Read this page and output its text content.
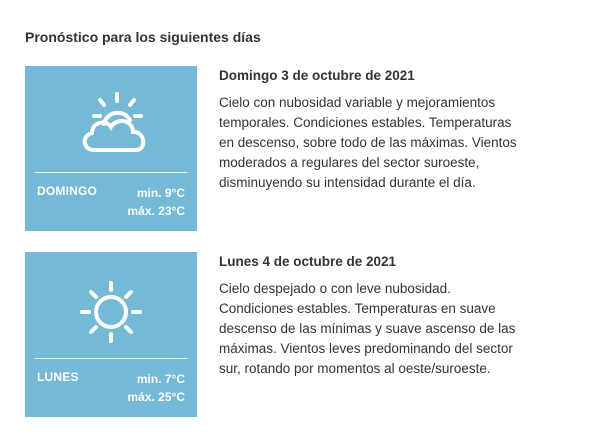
Pronóstico para los siguientes días
DOMINGO	min. 9°C
máx. 23°C
Domingo 3 de octubre de 2021
Cielo con nubosidad variable y mejoramientos temporales. Condiciones estables. Temperaturas en descenso, sobre todo de las máximas. Vientos moderados a regulares del sector suroeste, disminuyendo su intensidad durante el día.
LUNES	min. 7°C
máx. 25°C
Lunes 4 de octubre de 2021
Cielo despejado o con leve nubosidad. Condiciones estables. Temperaturas en suave descenso de las mínimas y suave ascenso de las máximas. Vientos leves predominando del sector sur, rotando por momentos al oeste/suroeste.
